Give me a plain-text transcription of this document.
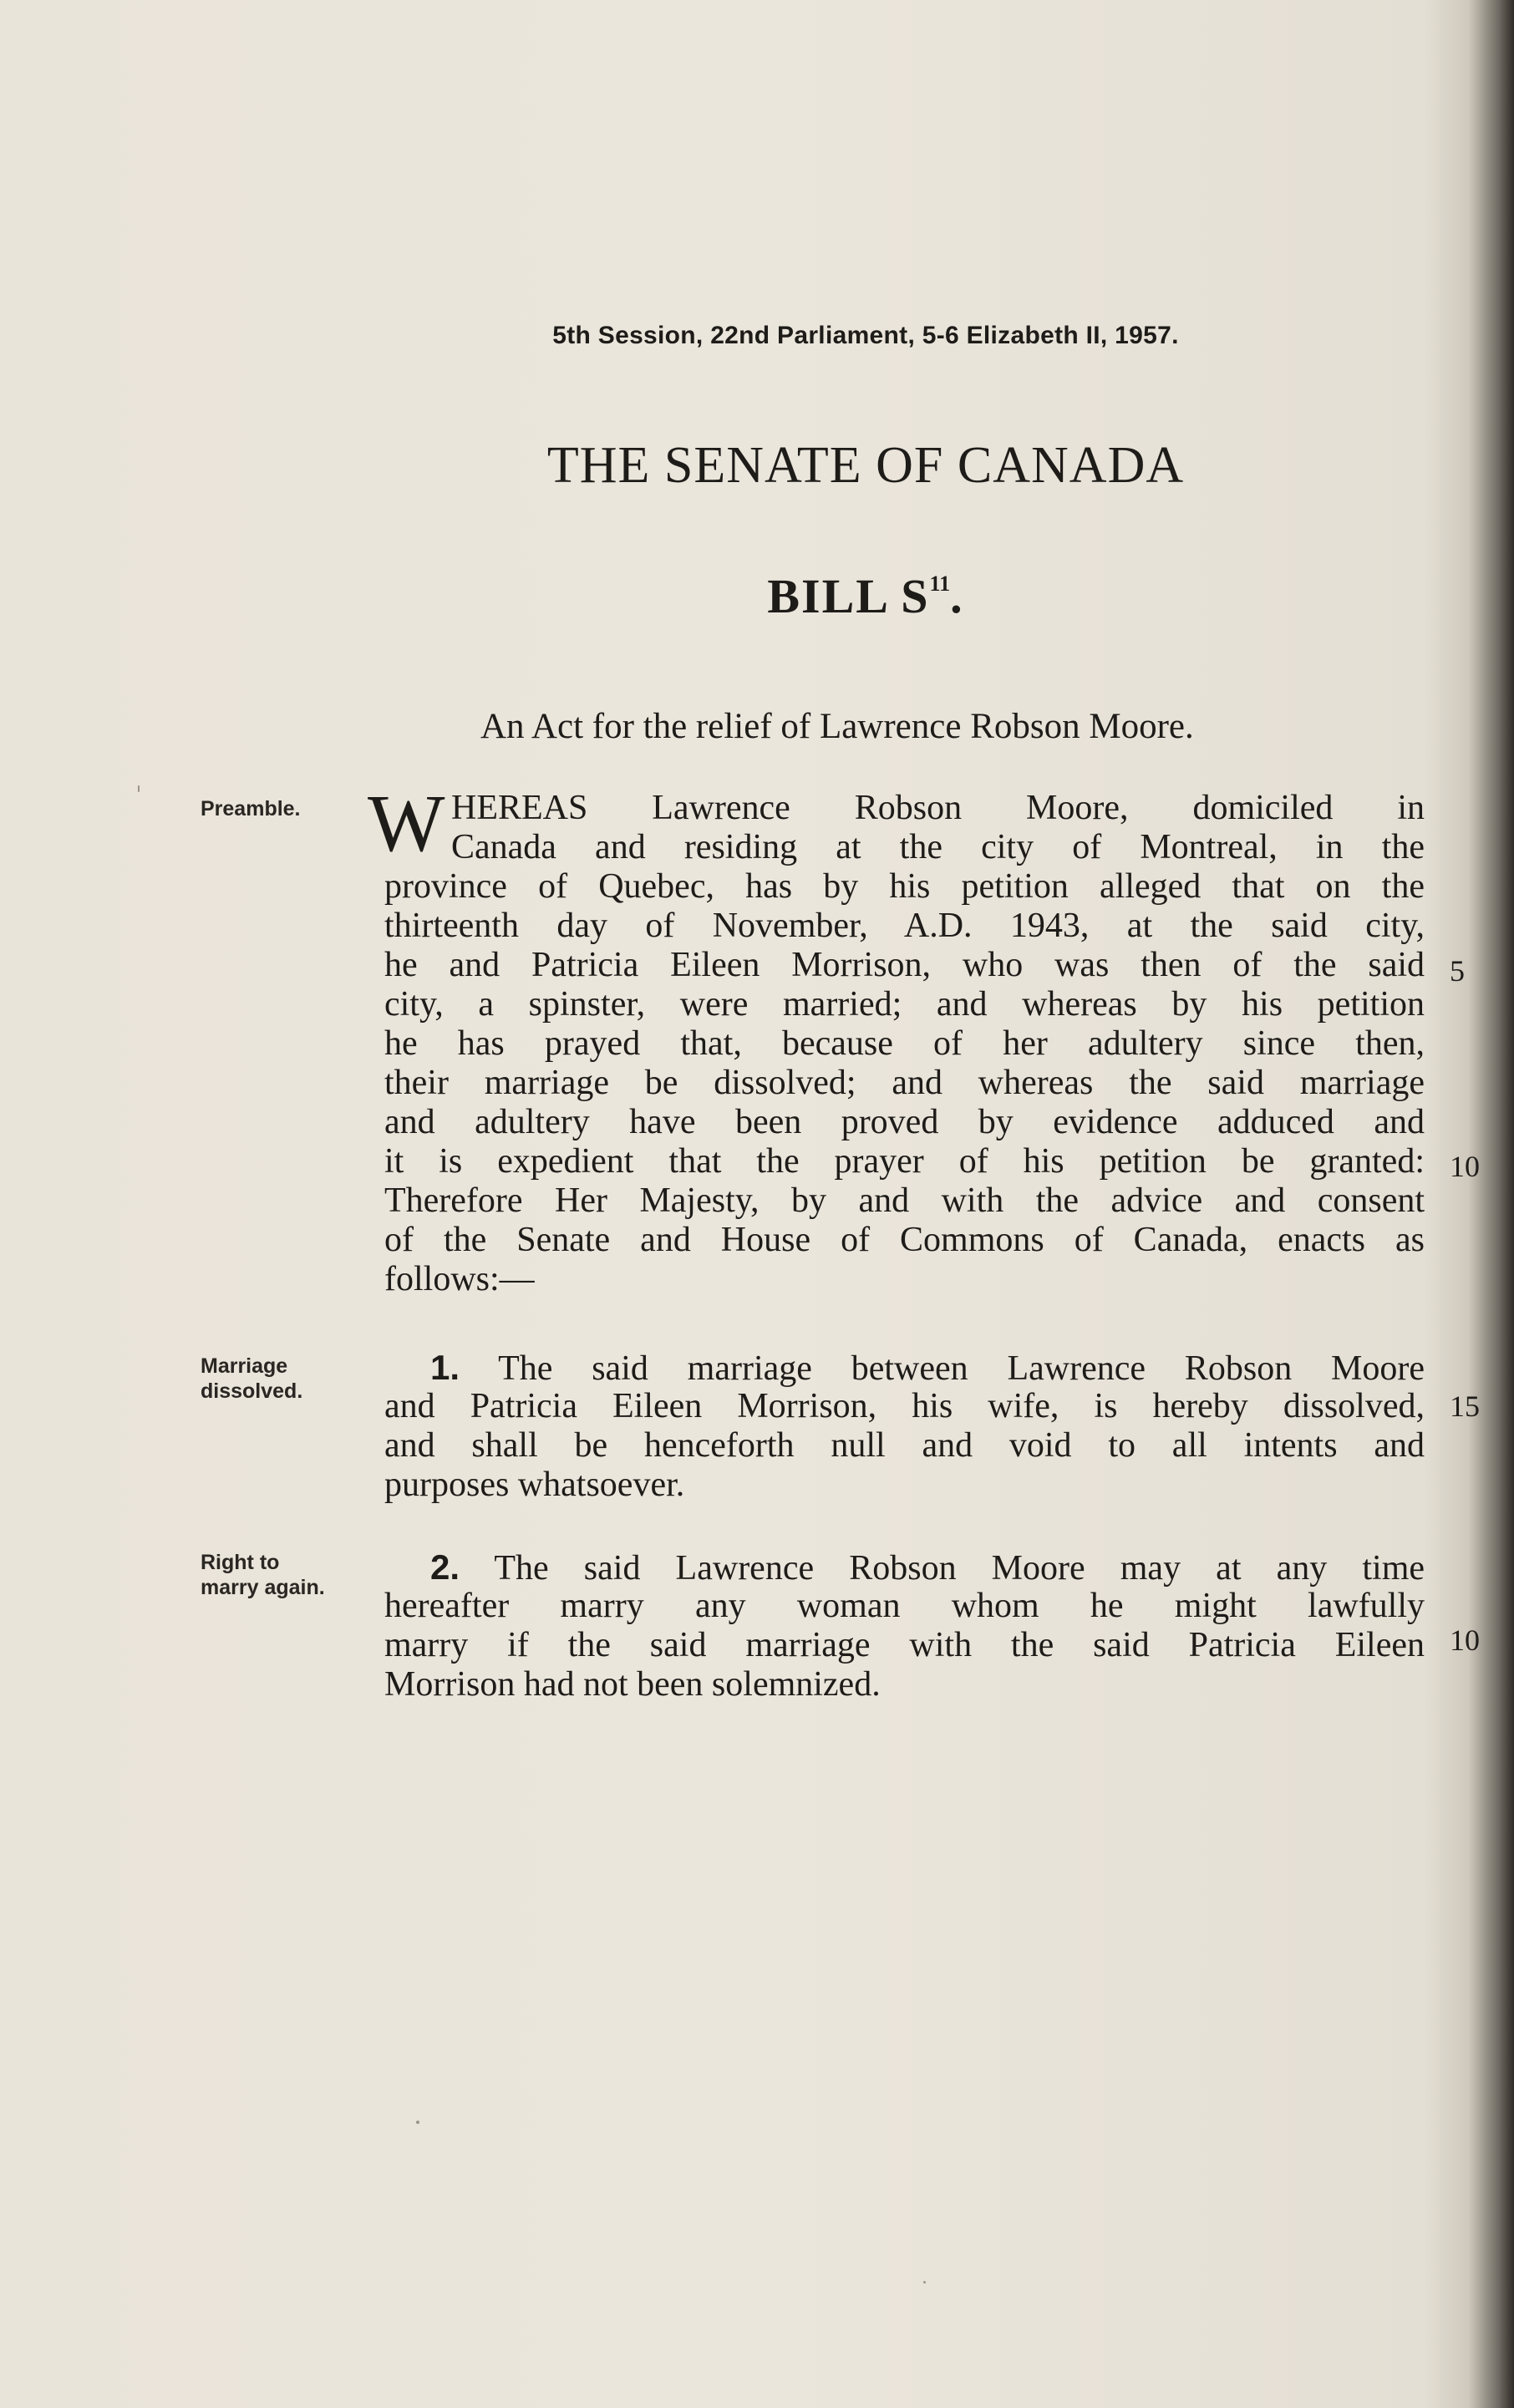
5th Session, 22nd Parliament, 5-6 Elizabeth II, 1957.
THE SENATE OF CANADA
BILL $S^{11}$.
An Act for the relief of Lawrence Robson Moore.
Preamble. W HEREAS Lawrence Robson Moore, domiciled in
Canada and residing at the city of Montreal, in the
province of Quebec, has by his petition alleged that on the
thirteenth day of November, A.D. 1943, at the said city,
he and Patricia Eileen Morrison, who was then of the said
city, a spinster, were married; and whereas by his petition
he has prayed that, because of her adultery since then,
their marriage be dissolved; and whereas the said marriage
and adultery have been proved by evidence adduced and
it is expedient that the prayer of his petition be granted:
Therefore Her Majesty, by and with the advice and consent
of the Senate and House of Commons of Canada, enacts as
follows:—
5
10
Marriage
dissolved.
1. The said marriage between Lawrence Robson Moore
and Patricia Eileen Morrison, his wife, is hereby dissolved,
and shall be henceforth null and void to all intents and
purposes whatsoever.
15
Right to
marry again.
2. The said Lawrence Robson Moore may at any time
hereafter marry any woman whom he might lawfully
marry if the said marriage with the said Patricia Eileen
Morrison had not been solemnized.
10
